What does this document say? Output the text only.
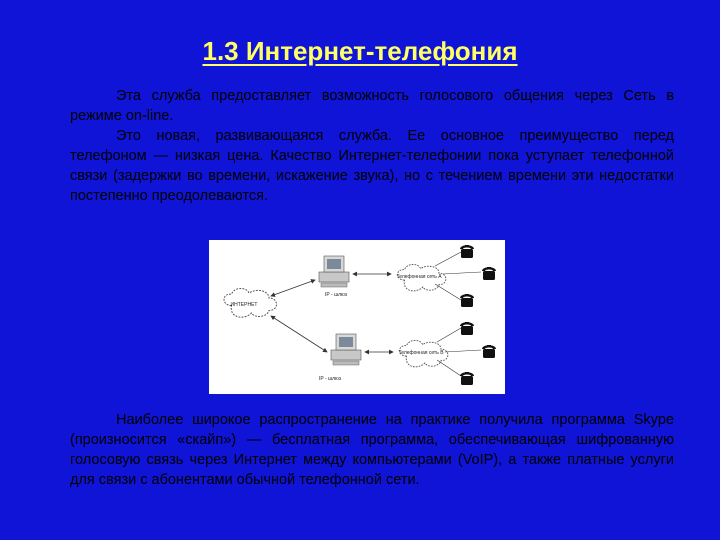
1.3 Интернет-телефония

Эта служба предоставляет возможность голосового общения через Сеть в режиме on-line.

Это новая, развивающаяся служба. Ее основное преимущество перед телефоном — низкая цена. Качество Интернет-телефонии пока уступает телефонной связи (задержки во времени, искажение звука), но с течением времени эти недостатки постепенно преодолеваются.

ИНТЕРНЕТ
IP - шлюз
IP - шлюз
Телефонная сеть А
Телефонная сеть В

Наиболее широкое распространение на практике получила программа Skype (произносится «скайп») — бесплатная программа, обеспечивающая шифрованную голосовую связь через Интернет между компьютерами (VoIP), а также платные услуги для связи с абонентами обычной телефонной сети.
